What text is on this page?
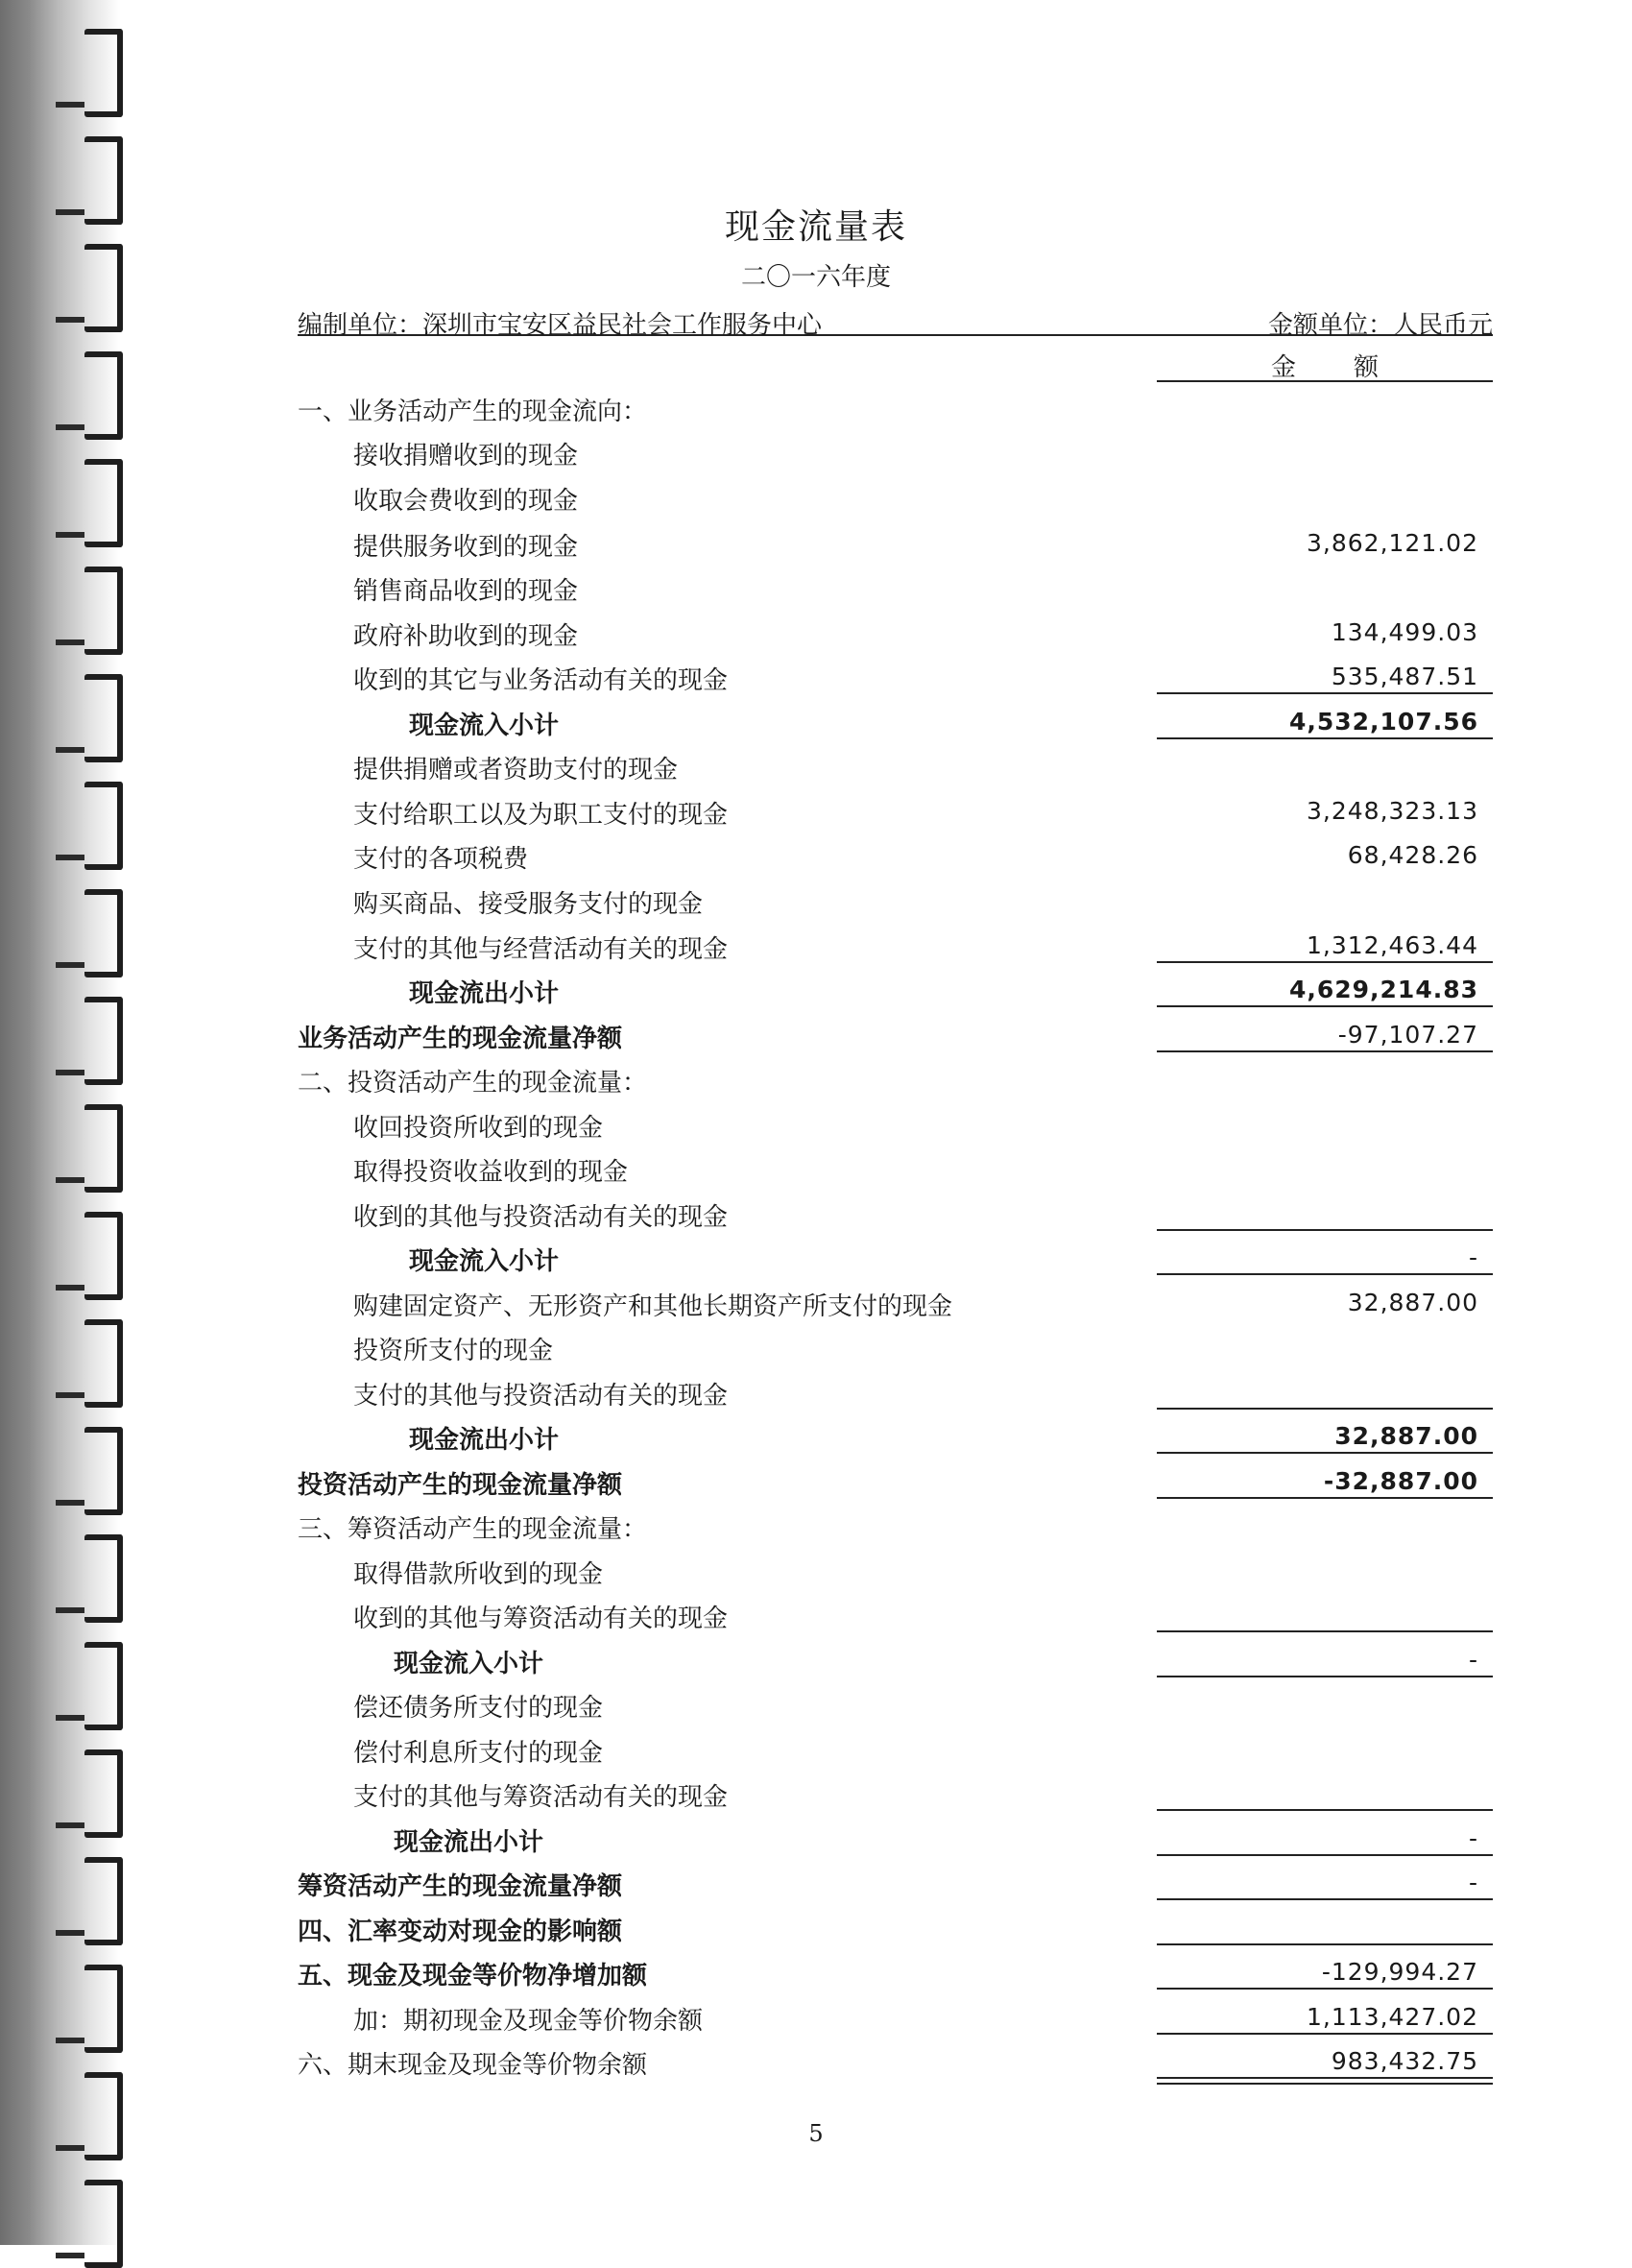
现金流量表
二〇一六年度
编制单位：深圳市宝安区益民社会工作服务中心	金额单位：人民币元
金额
一、业务活动产生的现金流向：
接收捐赠收到的现金
收取会费收到的现金
提供服务收到的现金	3,862,121.02
销售商品收到的现金
政府补助收到的现金	134,499.03
收到的其它与业务活动有关的现金	535,487.51
现金流入小计	4,532,107.56
提供捐赠或者资助支付的现金
支付给职工以及为职工支付的现金	3,248,323.13
支付的各项税费	68,428.26
购买商品、接受服务支付的现金
支付的其他与经营活动有关的现金	1,312,463.44
现金流出小计	4,629,214.83
业务活动产生的现金流量净额	-97,107.27
二、投资活动产生的现金流量：
收回投资所收到的现金
取得投资收益收到的现金
收到的其他与投资活动有关的现金
现金流入小计	-
购建固定资产、无形资产和其他长期资产所支付的现金	32,887.00
投资所支付的现金
支付的其他与投资活动有关的现金
现金流出小计	32,887.00
投资活动产生的现金流量净额	-32,887.00
三、筹资活动产生的现金流量：
取得借款所收到的现金
收到的其他与筹资活动有关的现金
现金流入小计	-
偿还债务所支付的现金
偿付利息所支付的现金
支付的其他与筹资活动有关的现金
现金流出小计	-
筹资活动产生的现金流量净额	-
四、汇率变动对现金的影响额
五、现金及现金等价物净增加额	-129,994.27
加：期初现金及现金等价物余额	1,113,427.02
六、期末现金及现金等价物余额	983,432.75
5
